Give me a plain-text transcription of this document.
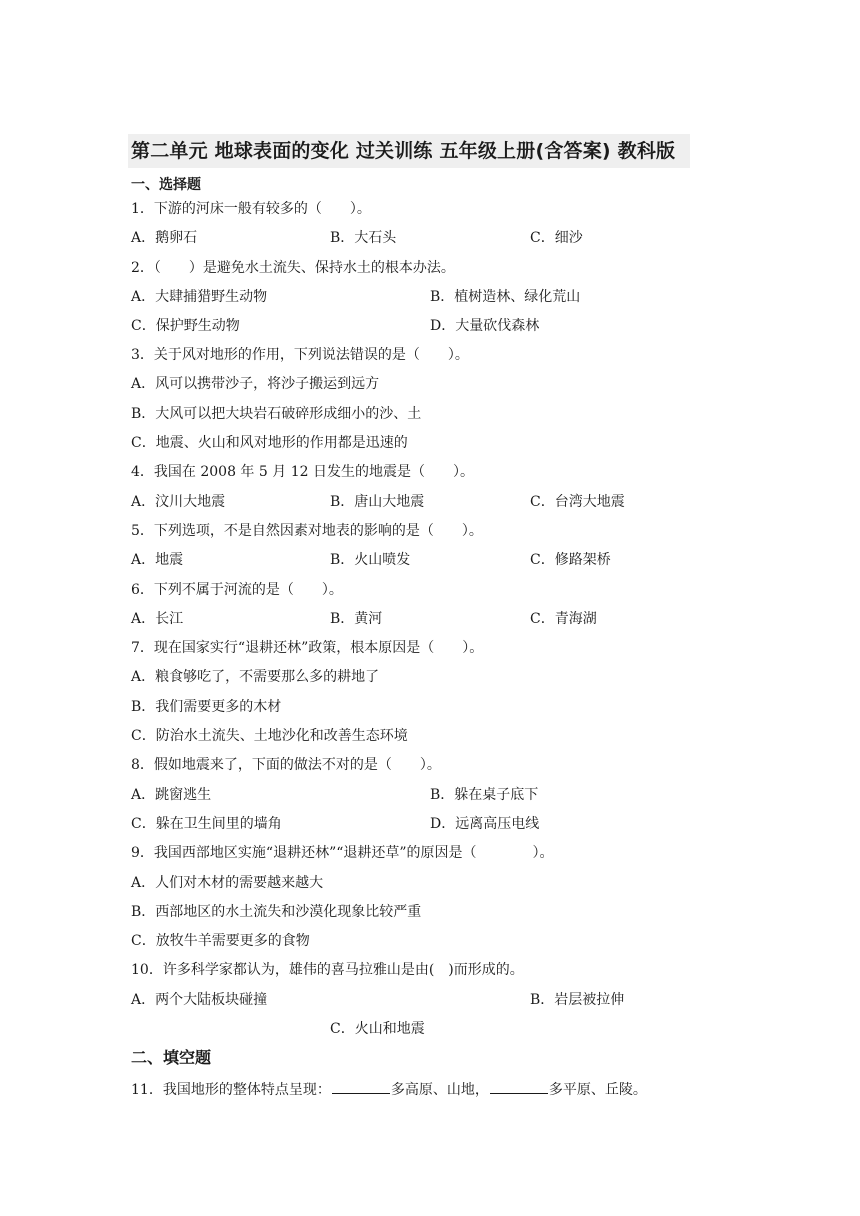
第二单元 地球表面的变化 过关训练 五年级上册(含答案) 教科版
一、选择题
1．下游的河床一般有较多的（　　）。
A．鹅卵石	B．大石头	C．细沙
2．（　　）是避免水土流失、保持水土的根本办法。
A．大肆捕猎野生动物	B．植树造林、绿化荒山
C．保护野生动物	D．大量砍伐森林
3．关于风对地形的作用，下列说法错误的是（　　）。
A．风可以携带沙子，将沙子搬运到远方
B．大风可以把大块岩石破碎形成细小的沙、土
C．地震、火山和风对地形的作用都是迅速的
4．我国在 2008 年 5 月 12 日发生的地震是（　　）。
A．汶川大地震	B．唐山大地震	C．台湾大地震
5．下列选项，不是自然因素对地表的影响的是（　　）。
A．地震	B．火山喷发	C．修路架桥
6．下列不属于河流的是（　　）。
A．长江	B．黄河	C．青海湖
7．现在国家实行“退耕还林”政策，根本原因是（　　）。
A．粮食够吃了，不需要那么多的耕地了
B．我们需要更多的木材
C．防治水土流失、土地沙化和改善生态环境
8．假如地震来了，下面的做法不对的是（　　）。
A．跳窗逃生	B．躲在桌子底下
C．躲在卫生间里的墙角	D．远离高压电线
9．我国西部地区实施“退耕还林”“退耕还草”的原因是（　　　　）。
A．人们对木材的需要越来越大
B．西部地区的水土流失和沙漠化现象比较严重
C．放牧牛羊需要更多的食物
10．许多科学家都认为，雄伟的喜马拉雅山是由(　)而形成的。
A．两个大陆板块碰撞	B．岩层被拉伸
C．火山和地震
二、填空题
11．我国地形的整体特点呈现：	多高原、山地，	多平原、丘陵。
